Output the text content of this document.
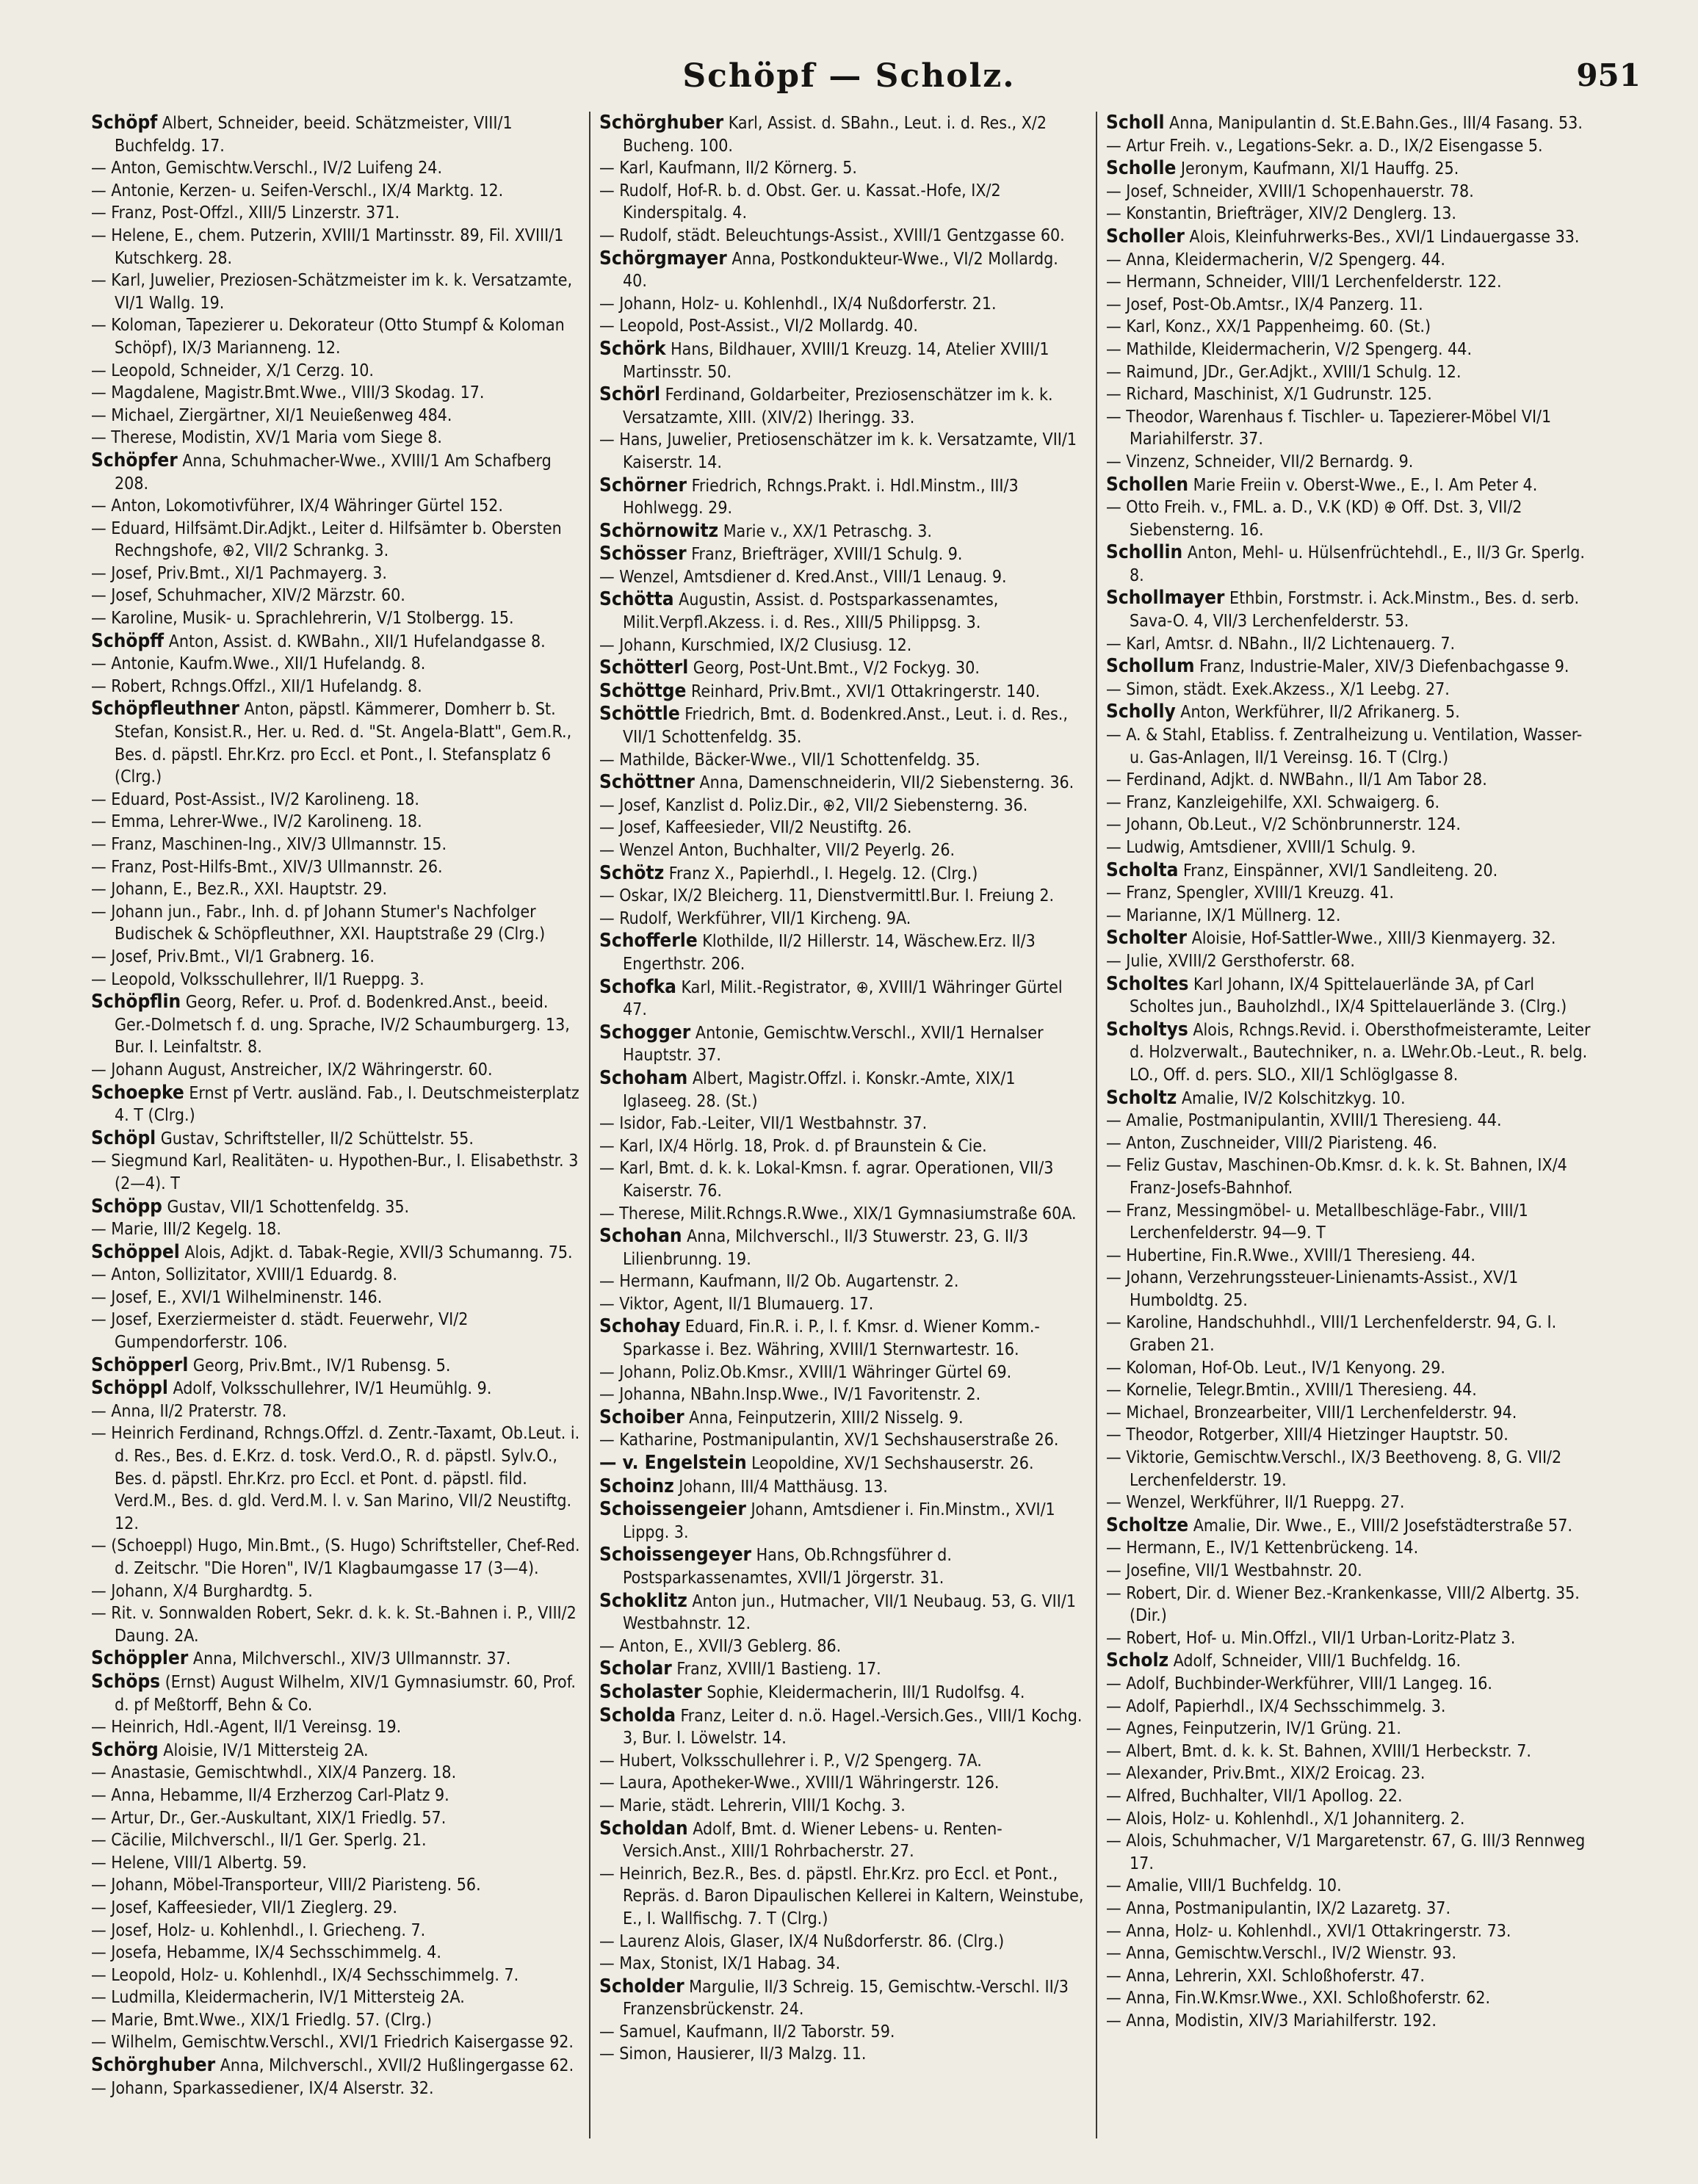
Schöpf — Scholz.	951
Schöpf Albert, Schneider, beeid. Schätzmeister, VIII/1 Buchfeldg. 17.
— Anton, Gemischtw.Verschl., IV/2 Luifeng 24.
— Antonie, Kerzen- u. Seifen-Verschl., IX/4 Marktg. 12.
— Franz, Post-Offzl., XIII/5 Linzerstr. 371.
— Helene, E., chem. Putzerin, XVIII/1 Martinsstr. 89, Fil. XVIII/1 Kutschkerg. 28.
— Karl, Juwelier, Preziosen-Schätzmeister im k. k. Versatzamte, VI/1 Wallg. 19.
— Koloman, Tapezierer u. Dekorateur (Otto Stumpf & Koloman Schöpf), IX/3 Marianneng. 12.
— Leopold, Schneider, X/1 Cerzg. 10.
— Magdalene, Magistr.Bmt.Wwe., VIII/3 Skodag. 17.
— Michael, Ziergärtner, XI/1 Neuießenweg 484.
— Therese, Modistin, XV/1 Maria vom Siege 8.
Schöpfer Anna, Schuhmacher-Wwe., XVIII/1 Am Schafberg 208.
— Anton, Lokomotivführer, IX/4 Währinger Gürtel 152.
— Eduard, Hilfsämt.Dir.Adjkt., Leiter d. Hilfsämter b. Obersten Rechngshofe, ⊕2, VII/2 Schrankg. 3.
— Josef, Priv.Bmt., XI/1 Pachmayerg. 3.
— Josef, Schuhmacher, XIV/2 Märzstr. 60.
— Karoline, Musik- u. Sprachlehrerin, V/1 Stolbergg. 15.
Schöpff Anton, Assist. d. KWBahn., XII/1 Hufelandgasse 8.
— Antonie, Kaufm.Wwe., XII/1 Hufelandg. 8.
— Robert, Rchngs.Offzl., XII/1 Hufelandg. 8.
Schöpfleuthner Anton, päpstl. Kämmerer, Domherr b. St. Stefan, Konsist.R., Her. u. Red. d. "St. Angela-Blatt", Gem.R., Bes. d. päpstl. Ehr.Krz. pro Eccl. et Pont., I. Stefansplatz 6 (Clrg.)
— Eduard, Post-Assist., IV/2 Karolineng. 18.
— Emma, Lehrer-Wwe., IV/2 Karolineng. 18.
— Franz, Maschinen-Ing., XIV/3 Ullmannstr. 15.
— Franz, Post-Hilfs-Bmt., XIV/3 Ullmannstr. 26.
— Johann, E., Bez.R., XXI. Hauptstr. 29.
— Johann jun., Fabr., Inh. d. pf Johann Stumer's Nachfolger Budischek & Schöpfleuthner, XXI. Hauptstraße 29 (Clrg.)
— Josef, Priv.Bmt., VI/1 Grabnerg. 16.
— Leopold, Volksschullehrer, II/1 Rueppg. 3.
Schöpflin Georg, Refer. u. Prof. d. Bodenkred.Anst., beeid. Ger.-Dolmetsch f. d. ung. Sprache, IV/2 Schaumburgerg. 13, Bur. I. Leinfaltstr. 8.
— Johann August, Anstreicher, IX/2 Währingerstr. 60.
Schoepke Ernst pf Vertr. ausländ. Fab., I. Deutschmeisterplatz 4. T (Clrg.)
Schöpl Gustav, Schriftsteller, II/2 Schüttelstr. 55.
— Siegmund Karl, Realitäten- u. Hypothen-Bur., I. Elisabethstr. 3 (2—4). T
Schöpp Gustav, VII/1 Schottenfeldg. 35.
— Marie, III/2 Kegelg. 18.
Schöppel Alois, Adjkt. d. Tabak-Regie, XVII/3 Schumanng. 75.
— Anton, Sollizitator, XVIII/1 Eduardg. 8.
— Josef, E., XVI/1 Wilhelminenstr. 146.
— Josef, Exerziermeister d. städt. Feuerwehr, VI/2 Gumpendorferstr. 106.
Schöpperl Georg, Priv.Bmt., IV/1 Rubensg. 5.
Schöppl Adolf, Volksschullehrer, IV/1 Heumühlg. 9.
— Anna, II/2 Praterstr. 78.
— Heinrich Ferdinand, Rchngs.Offzl. d. Zentr.-Taxamt, Ob.Leut. i. d. Res., Bes. d. E.Krz. d. tosk. Verd.O., R. d. päpstl. Sylv.O., Bes. d. päpstl. Ehr.Krz. pro Eccl. et Pont. d. päpstl. fild. Verd.M., Bes. d. gld. Verd.M. l. v. San Marino, VII/2 Neustiftg. 12.
— (Schoeppl) Hugo, Min.Bmt., (S. Hugo) Schriftsteller, Chef-Red. d. Zeitschr. "Die Horen", IV/1 Klagbaumgasse 17 (3—4).
— Johann, X/4 Burghardtg. 5.
— Rit. v. Sonnwalden Robert, Sekr. d. k. k. St.-Bahnen i. P., VIII/2 Daung. 2A.
Schöppler Anna, Milchverschl., XIV/3 Ullmannstr. 37.
Schöps (Ernst) August Wilhelm, XIV/1 Gymnasiumstr. 60, Prof. d. pf Meßtorff, Behn & Co.
— Heinrich, Hdl.-Agent, II/1 Vereinsg. 19.
Schörg Aloisie, IV/1 Mittersteig 2A.
— Anastasie, Gemischtwhdl., XIX/4 Panzerg. 18.
— Anna, Hebamme, II/4 Erzherzog Carl-Platz 9.
— Artur, Dr., Ger.-Auskultant, XIX/1 Friedlg. 57.
— Cäcilie, Milchverschl., II/1 Ger. Sperlg. 21.
— Helene, VIII/1 Albertg. 59.
— Johann, Möbel-Transporteur, VIII/2 Piaristeng. 56.
— Josef, Kaffeesieder, VII/1 Zieglerg. 29.
— Josef, Holz- u. Kohlenhdl., I. Griecheng. 7.
— Josefa, Hebamme, IX/4 Sechsschimmelg. 4.
— Leopold, Holz- u. Kohlenhdl., IX/4 Sechsschimmelg. 7.
— Ludmilla, Kleidermacherin, IV/1 Mittersteig 2A.
— Marie, Bmt.Wwe., XIX/1 Friedlg. 57. (Clrg.)
— Wilhelm, Gemischtw.Verschl., XVI/1 Friedrich Kaisergasse 92.
Schörghuber Anna, Milchverschl., XVII/2 Hußlingergasse 62.
— Johann, Sparkassediener, IX/4 Alserstr. 32.
Schörghuber Karl, Assist. d. SBahn., Leut. i. d. Res., X/2 Bucheng. 100.
— Karl, Kaufmann, II/2 Körnerg. 5.
— Rudolf, Hof-R. b. d. Obst. Ger. u. Kassat.-Hofe, IX/2 Kinderspitalg. 4.
— Rudolf, städt. Beleuchtungs-Assist., XVIII/1 Gentzgasse 60.
Schörgmayer Anna, Postkondukteur-Wwe., VI/2 Mollardg. 40.
— Johann, Holz- u. Kohlenhdl., IX/4 Nußdorferstr. 21.
— Leopold, Post-Assist., VI/2 Mollardg. 40.
Schörk Hans, Bildhauer, XVIII/1 Kreuzg. 14, Atelier XVIII/1 Martinsstr. 50.
Schörl Ferdinand, Goldarbeiter, Preziosenschätzer im k. k. Versatzamte, XIII. (XIV/2) Iheringg. 33.
— Hans, Juwelier, Pretiosenschätzer im k. k. Versatzamte, VII/1 Kaiserstr. 14.
Schörner Friedrich, Rchngs.Prakt. i. Hdl.Minstm., III/3 Hohlwegg. 29.
Schörnowitz Marie v., XX/1 Petraschg. 3.
Schösser Franz, Briefträger, XVIII/1 Schulg. 9.
— Wenzel, Amtsdiener d. Kred.Anst., VIII/1 Lenaug. 9.
Schötta Augustin, Assist. d. Postsparkassenamtes, Milit.Verpfl.Akzess. i. d. Res., XIII/5 Philippsg. 3.
— Johann, Kurschmied, IX/2 Clusiusg. 12.
Schötterl Georg, Post-Unt.Bmt., V/2 Fockyg. 30.
Schöttge Reinhard, Priv.Bmt., XVI/1 Ottakringerstr. 140.
Schöttle Friedrich, Bmt. d. Bodenkred.Anst., Leut. i. d. Res., VII/1 Schottenfeldg. 35.
— Mathilde, Bäcker-Wwe., VII/1 Schottenfeldg. 35.
Schöttner Anna, Damenschneiderin, VII/2 Siebensterng. 36.
— Josef, Kanzlist d. Poliz.Dir., ⊕2, VII/2 Siebensterng. 36.
— Josef, Kaffeesieder, VII/2 Neustiftg. 26.
— Wenzel Anton, Buchhalter, VII/2 Peyerlg. 26.
Schötz Franz X., Papierhdl., I. Hegelg. 12. (Clrg.)
— Oskar, IX/2 Bleicherg. 11, Dienstvermittl.Bur. I. Freiung 2.
— Rudolf, Werkführer, VII/1 Kircheng. 9A.
Schofferle Klothilde, II/2 Hillerstr. 14, Wäschew.Erz. II/3 Engerthstr. 206.
Schofka Karl, Milit.-Registrator, ⊕, XVIII/1 Währinger Gürtel 47.
Schogger Antonie, Gemischtw.Verschl., XVII/1 Hernalser Hauptstr. 37.
Schoham Albert, Magistr.Offzl. i. Konskr.-Amte, XIX/1 Iglaseeg. 28. (St.)
— Isidor, Fab.-Leiter, VII/1 Westbahnstr. 37.
— Karl, IX/4 Hörlg. 18, Prok. d. pf Braunstein & Cie.
— Karl, Bmt. d. k. k. Lokal-Kmsn. f. agrar. Operationen, VII/3 Kaiserstr. 76.
— Therese, Milit.Rchngs.R.Wwe., XIX/1 Gymnasiumstraße 60A.
Schohan Anna, Milchverschl., II/3 Stuwerstr. 23, G. II/3 Lilienbrunng. 19.
— Hermann, Kaufmann, II/2 Ob. Augartenstr. 2.
— Viktor, Agent, II/1 Blumauerg. 17.
Schohay Eduard, Fin.R. i. P., l. f. Kmsr. d. Wiener Komm.-Sparkasse i. Bez. Währing, XVIII/1 Sternwartestr. 16.
— Johann, Poliz.Ob.Kmsr., XVIII/1 Währinger Gürtel 69.
— Johanna, NBahn.Insp.Wwe., IV/1 Favoritenstr. 2.
Schoiber Anna, Feinputzerin, XIII/2 Nisselg. 9.
— Katharine, Postmanipulantin, XV/1 Sechshauserstraße 26.
— v. Engelstein Leopoldine, XV/1 Sechshauserstr. 26.
Schoinz Johann, III/4 Matthäusg. 13.
Schoissengeier Johann, Amtsdiener i. Fin.Minstm., XVI/1 Lippg. 3.
Schoissengeyer Hans, Ob.Rchngsführer d. Postsparkassenamtes, XVII/1 Jörgerstr. 31.
Schoklitz Anton jun., Hutmacher, VII/1 Neubaug. 53, G. VII/1 Westbahnstr. 12.
— Anton, E., XVII/3 Geblerg. 86.
Scholar Franz, XVIII/1 Bastieng. 17.
Scholaster Sophie, Kleidermacherin, III/1 Rudolfsg. 4.
Scholda Franz, Leiter d. n.ö. Hagel.-Versich.Ges., VIII/1 Kochg. 3, Bur. I. Löwelstr. 14.
— Hubert, Volksschullehrer i. P., V/2 Spengerg. 7A.
— Laura, Apotheker-Wwe., XVIII/1 Währingerstr. 126.
— Marie, städt. Lehrerin, VIII/1 Kochg. 3.
Scholdan Adolf, Bmt. d. Wiener Lebens- u. Renten-Versich.Anst., XIII/1 Rohrbacherstr. 27.
— Heinrich, Bez.R., Bes. d. päpstl. Ehr.Krz. pro Eccl. et Pont., Repräs. d. Baron Dipaulischen Kellerei in Kaltern, Weinstube, E., I. Wallfischg. 7. T (Clrg.)
— Laurenz Alois, Glaser, IX/4 Nußdorferstr. 86. (Clrg.)
— Max, Stonist, IX/1 Habag. 34.
Scholder Margulie, II/3 Schreig. 15, Gemischtw.-Verschl. II/3 Franzensbrückenstr. 24.
— Samuel, Kaufmann, II/2 Taborstr. 59.
— Simon, Hausierer, II/3 Malzg. 11.
Scholl Anna, Manipulantin d. St.E.Bahn.Ges., III/4 Fasang. 53.
— Artur Freih. v., Legations-Sekr. a. D., IX/2 Eisengasse 5.
Scholle Jeronym, Kaufmann, XI/1 Hauffg. 25.
— Josef, Schneider, XVIII/1 Schopenhauerstr. 78.
— Konstantin, Briefträger, XIV/2 Denglerg. 13.
Scholler Alois, Kleinfuhrwerks-Bes., XVI/1 Lindauergasse 33.
— Anna, Kleidermacherin, V/2 Spengerg. 44.
— Hermann, Schneider, VIII/1 Lerchenfelderstr. 122.
— Josef, Post-Ob.Amtsr., IX/4 Panzerg. 11.
— Karl, Konz., XX/1 Pappenheimg. 60. (St.)
— Mathilde, Kleidermacherin, V/2 Spengerg. 44.
— Raimund, JDr., Ger.Adjkt., XVIII/1 Schulg. 12.
— Richard, Maschinist, X/1 Gudrunstr. 125.
— Theodor, Warenhaus f. Tischler- u. Tapezierer-Möbel VI/1 Mariahilferstr. 37.
— Vinzenz, Schneider, VII/2 Bernardg. 9.
Schollen Marie Freiin v. Oberst-Wwe., E., I. Am Peter 4.
— Otto Freih. v., FML. a. D., V.K (KD) ⊕ Off. Dst. 3, VII/2 Siebensterng. 16.
Schollin Anton, Mehl- u. Hülsenfrüchtehdl., E., II/3 Gr. Sperlg. 8.
Schollmayer Ethbin, Forstmstr. i. Ack.Minstm., Bes. d. serb. Sava-O. 4, VII/3 Lerchenfelderstr. 53.
— Karl, Amtsr. d. NBahn., II/2 Lichtenauerg. 7.
Schollum Franz, Industrie-Maler, XIV/3 Diefenbachgasse 9.
— Simon, städt. Exek.Akzess., X/1 Leebg. 27.
Scholly Anton, Werkführer, II/2 Afrikanerg. 5.
— A. & Stahl, Etabliss. f. Zentralheizung u. Ventilation, Wasser- u. Gas-Anlagen, II/1 Vereinsg. 16. T (Clrg.)
— Ferdinand, Adjkt. d. NWBahn., II/1 Am Tabor 28.
— Franz, Kanzleigehilfe, XXI. Schwaigerg. 6.
— Johann, Ob.Leut., V/2 Schönbrunnerstr. 124.
— Ludwig, Amtsdiener, XVIII/1 Schulg. 9.
Scholta Franz, Einspänner, XVI/1 Sandleiteng. 20.
— Franz, Spengler, XVIII/1 Kreuzg. 41.
— Marianne, IX/1 Müllnerg. 12.
Scholter Aloisie, Hof-Sattler-Wwe., XIII/3 Kienmayerg. 32.
— Julie, XVIII/2 Gersthoferstr. 68.
Scholtes Karl Johann, IX/4 Spittelauerlände 3A, pf Carl Scholtes jun., Bauholzhdl., IX/4 Spittelauerlände 3. (Clrg.)
Scholtys Alois, Rchngs.Revid. i. Obersthofmeisteramte, Leiter d. Holzverwalt., Bautechniker, n. a. LWehr.Ob.-Leut., R. belg. LO., Off. d. pers. SLO., XII/1 Schlöglgasse 8.
Scholtz Amalie, IV/2 Kolschitzkyg. 10.
— Amalie, Postmanipulantin, XVIII/1 Theresieng. 44.
— Anton, Zuschneider, VIII/2 Piaristeng. 46.
— Feliz Gustav, Maschinen-Ob.Kmsr. d. k. k. St. Bahnen, IX/4 Franz-Josefs-Bahnhof.
— Franz, Messingmöbel- u. Metallbeschläge-Fabr., VIII/1 Lerchenfelderstr. 94—9. T
— Hubertine, Fin.R.Wwe., XVIII/1 Theresieng. 44.
— Johann, Verzehrungssteuer-Linienamts-Assist., XV/1 Humboldtg. 25.
— Karoline, Handschuhhdl., VIII/1 Lerchenfelderstr. 94, G. I. Graben 21.
— Koloman, Hof-Ob. Leut., IV/1 Kenyong. 29.
— Kornelie, Telegr.Bmtin., XVIII/1 Theresieng. 44.
— Michael, Bronzearbeiter, VIII/1 Lerchenfelderstr. 94.
— Theodor, Rotgerber, XIII/4 Hietzinger Hauptstr. 50.
— Viktorie, Gemischtw.Verschl., IX/3 Beethoveng. 8, G. VII/2 Lerchenfelderstr. 19.
— Wenzel, Werkführer, II/1 Rueppg. 27.
Scholtze Amalie, Dir. Wwe., E., VIII/2 Josefstädterstraße 57.
— Hermann, E., IV/1 Kettenbrückeng. 14.
— Josefine, VII/1 Westbahnstr. 20.
— Robert, Dir. d. Wiener Bez.-Krankenkasse, VIII/2 Albertg. 35. (Dir.)
— Robert, Hof- u. Min.Offzl., VII/1 Urban-Loritz-Platz 3.
Scholz Adolf, Schneider, VIII/1 Buchfeldg. 16.
— Adolf, Buchbinder-Werkführer, VIII/1 Langeg. 16.
— Adolf, Papierhdl., IX/4 Sechsschimmelg. 3.
— Agnes, Feinputzerin, IV/1 Grüng. 21.
— Albert, Bmt. d. k. k. St. Bahnen, XVIII/1 Herbeckstr. 7.
— Alexander, Priv.Bmt., XIX/2 Eroicag. 23.
— Alfred, Buchhalter, VII/1 Apollog. 22.
— Alois, Holz- u. Kohlenhdl., X/1 Johanniterg. 2.
— Alois, Schuhmacher, V/1 Margaretenstr. 67, G. III/3 Rennweg 17.
— Amalie, VIII/1 Buchfeldg. 10.
— Anna, Postmanipulantin, IX/2 Lazaretg. 37.
— Anna, Holz- u. Kohlenhdl., XVI/1 Ottakringerstr. 73.
— Anna, Gemischtw.Verschl., IV/2 Wienstr. 93.
— Anna, Lehrerin, XXI. Schloßhoferstr. 47.
— Anna, Fin.W.Kmsr.Wwe., XXI. Schloßhoferstr. 62.
— Anna, Modistin, XIV/3 Mariahilferstr. 192.
